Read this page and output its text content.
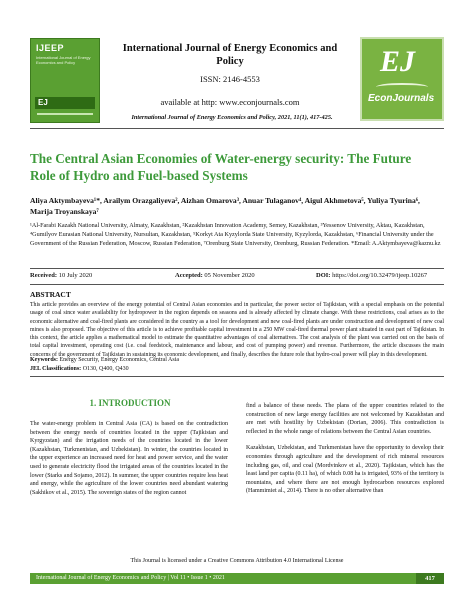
IJEEP
International Journal of Energy Economics and Policy
EJ
International Journal of Energy Economics and Policy
ISSN: 2146-4553
available at http: www.econjournals.com
EJ
EconJournals
International Journal of Energy Economics and Policy, 2021, 11(1), 417-425.
The Central Asian Economies of Water-energy security: The Future Role of Hydro and Fuel-based Systems
Aliya Aktymbayeva¹*, Arailym Orazgaliyeva², Aizhan Omarova³, Anuar Tulaganov⁴, Aigul Akhmetova⁵, Yuliya Tyurina⁶, Marija Troyanskaya⁷
¹Al-Farabi Kazakh National University, Almaty, Kazakhstan, ²Kazakhstan Innovation Academy, Semey, Kazakhstan, ³Yessenov University, Aktau, Kazakhstan, ⁴Gumilyov Eurasian National University, Nursultan, Kazakhstan, ⁵Korkyt Ata Kyzylorda State University, Kyzylorda, Kazakhstan, ⁶Financial University under the Government of the Russian Federation, Moscow, Russian Federation, ⁷Orenburg State University, Orenburg, Russian Federation. *Email: A.Aktymbayeva@kaznu.kz
Received: 10 July 2020	Accepted: 05 November 2020	DOI: https://doi.org/10.32479/ijeep.10267
ABSTRACT
This article provides an overview of the energy potential of Central Asian economies and in particular, the power sector of Tajikistan, with a special emphasis on the potential usage of coal since water availability for hydropower in the region depends on seasons and is already affected by climate change. With these restrictions, coal arises as to the economic alternative and coal-fired plants are considered in the country as a tool for development and new coal-fired plants are under construction and development of new coal mines is also proposed. The objective of this article is to achieve profitable capital investment in a 250 MW coal-fired thermal power plant situated in east part of Tajikistan. In this context, the article applies a mathematical model to estimate the quantitative advantages of coal alternatives. The cost analysis of the plant was carried out on the basis of total capital investment, operating cost (i.e. coal feedstock, maintenance and labour, and cost of pumping power) and revenue. Furthermore, the article discusses the main concerns of the government of Tajikistan in sustaining its economic development, and finally, describes the future role that hydro-coal power will play in this development.
Keywords: Energy Security, Energy Economics, Central Asia
JEL Classifications: O130, Q400, Q430
1. INTRODUCTION

The water-energy problem in Central Asia (CA) is based on the contradiction between the energy needs of countries located in the upper (Tajikistan and Kyrgyzstan) and the irrigation needs of the countries located in the lower (Kazakhstan, Turkmenistan, and Uzbekistan). In winter, the countries located in the upper experience an increased need for heat and power service, and the water used to generate electricity flood the irrigated areas of the countries located in the lower (Starks and Sojamo, 2012). In summer, the upper countries require less heat and energy, while the agriculture of the lower countries need abundant watering (Sakhikov et al., 2015). The sovereign states of the region cannot

find a balance of these needs. The plans of the upper countries related to the construction of new large energy facilities are not welcomed by Kazakhstan and are met with hostility by Uzbekistan (Dorian, 2006). This contradiction is reflected in the whole range of relations between the Central Asian countries.

Kazakhstan, Uzbekistan, and Turkmenistan have the opportunity to develop their economies through agriculture and the development of rich mineral resources including gas, oil, and coal (Mordvinkov et al., 2020). Tajikistan, which has the least land per capita (0.11 ha), of which 0.08 ha is irrigated, 93% of the territory is mountains, and where there are not enough hydrocarbon resources explored (Hammimiet al., 2014). There is no other alternative than

This Journal is licensed under a Creative Commons Attribution 4.0 International License
International Journal of Energy Economics and Policy | Vol 11 • Issue 1 • 2021	417
